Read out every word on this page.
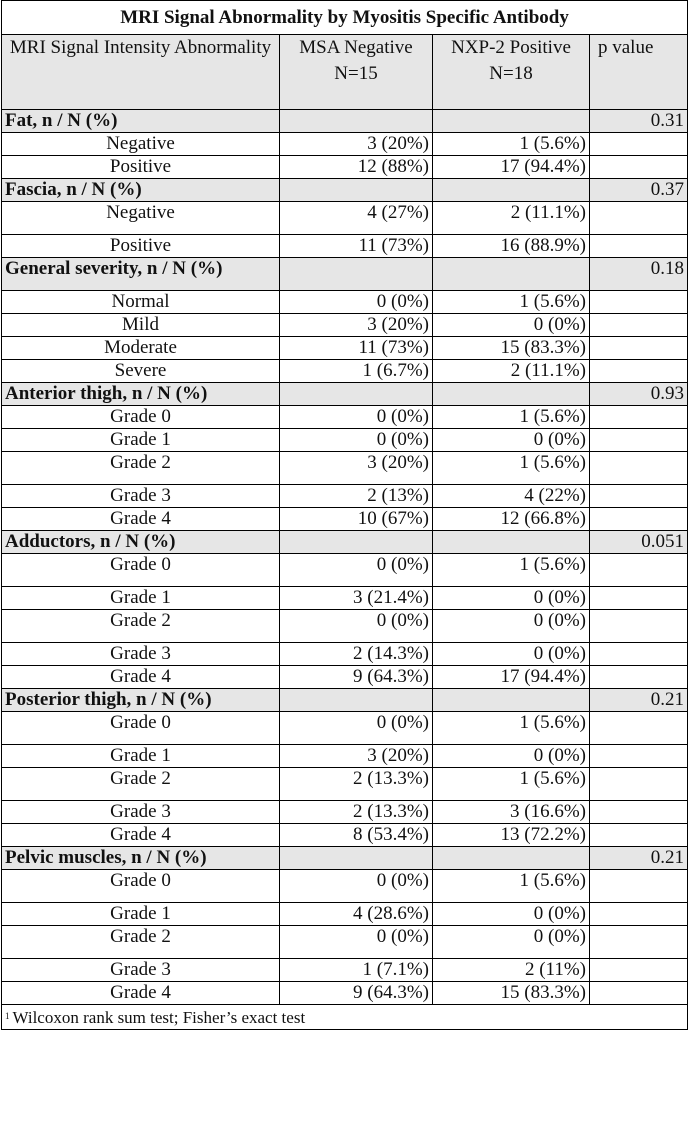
MRI Signal Abnormality by Myositis Specific Antibody			
MRI Signal Intensity Abnormality	MSA Negative N=15	NXP-2 Positive N=18	p value
Fat, n / N (%)			0.31
Negative	3 (20%)	1 (5.6%)	
Positive	12 (88%)	17 (94.4%)	
Fascia, n / N (%)			0.37
Negative	4 (27%)	2 (11.1%)	
Positive	11 (73%)	16 (88.9%)	
General severity, n / N (%)			0.18
Normal	0 (0%)	1 (5.6%)	
Mild	3 (20%)	0 (0%)	
Moderate	11 (73%)	15 (83.3%)	
Severe	1 (6.7%)	2 (11.1%)	
Anterior thigh, n / N (%)			0.93
Grade 0	0 (0%)	1 (5.6%)	
Grade 1	0 (0%)	0 (0%)	
Grade 2	3 (20%)	1 (5.6%)	
Grade 3	2 (13%)	4 (22%)	
Grade 4	10 (67%)	12 (66.8%)	
Adductors, n / N (%)			0.051
Grade 0	0 (0%)	1 (5.6%)	
Grade 1	3 (21.4%)	0 (0%)	
Grade 2	0 (0%)	0 (0%)	
Grade 3	2 (14.3%)	0 (0%)	
Grade 4	9 (64.3%)	17 (94.4%)	
Posterior thigh, n / N (%)			0.21
Grade 0	0 (0%)	1 (5.6%)	
Grade 1	3 (20%)	0 (0%)	
Grade 2	2 (13.3%)	1 (5.6%)	
Grade 3	2 (13.3%)	3 (16.6%)	
Grade 4	8 (53.4%)	13 (72.2%)	
Pelvic muscles, n / N (%)			0.21
Grade 0	0 (0%)	1 (5.6%)	
Grade 1	4 (28.6%)	0 (0%)	
Grade 2	0 (0%)	0 (0%)	
Grade 3	1 (7.1%)	2 (11%)	
Grade 4	9 (64.3%)	15 (83.3%)	
$^1$ Wilcoxon rank sum test; Fisher’s exact test			
